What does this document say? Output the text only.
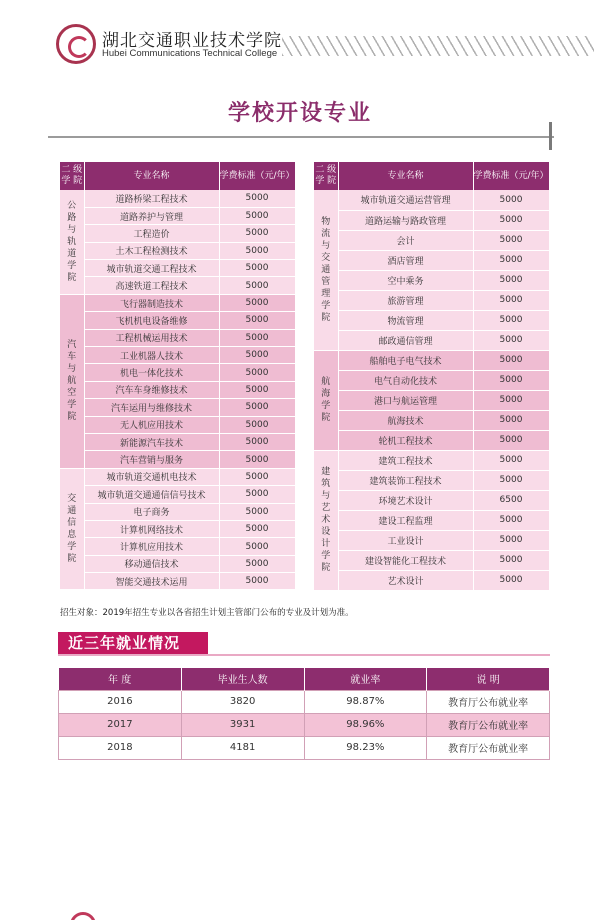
湖北交通职业技术学院
Hubei Communications Technical College
学校开设专业
二 级 学 院	专业名称	学费标准（元/年）
公路与轨道学院	道路桥梁工程技术	5000
	道路养护与管理	5000
	工程造价	5000
	土木工程检测技术	5000
	城市轨道交通工程技术	5000
	高速铁道工程技术	5000
汽车与航空学院	飞行器制造技术	5000
	飞机机电设备维修	5000
	工程机械运用技术	5000
	工业机器人技术	5000
	机电一体化技术	5000
	汽车车身维修技术	5000
	汽车运用与维修技术	5000
	无人机应用技术	5000
	新能源汽车技术	5000
	汽车营销与服务	5000
交通信息学院	城市轨道交通机电技术	5000
	城市轨道交通通信信号技术	5000
	电子商务	5000
	计算机网络技术	5000
	计算机应用技术	5000
	移动通信技术	5000
	智能交通技术运用	5000
二 级 学 院	专业名称	学费标准（元/年）
物流与交通管理学院	城市轨道交通运营管理	5000
	道路运输与路政管理	5000
	会计	5000
	酒店管理	5000
	空中乘务	5000
	旅游管理	5000
	物流管理	5000
	邮政通信管理	5000
航海学院	船舶电子电气技术	5000
	电气自动化技术	5000
	港口与航运管理	5000
	航海技术	5000
	轮机工程技术	5000
建筑与艺术设计学院	建筑工程技术	5000
	建筑装饰工程技术	5000
	环境艺术设计	6500
	建设工程监理	5000
	工业设计	5000
	建设智能化工程技术	5000
	艺术设计	5000
招生对象：2019年招生专业以各省招生计划主管部门公布的专业及计划为准。
近三年就业情况
年 度	毕业生人数	就业率	说 明
2016	3820	98.87%	教育厅公布就业率
2017	3931	98.96%	教育厅公布就业率
2018	4181	98.23%	教育厅公布就业率
